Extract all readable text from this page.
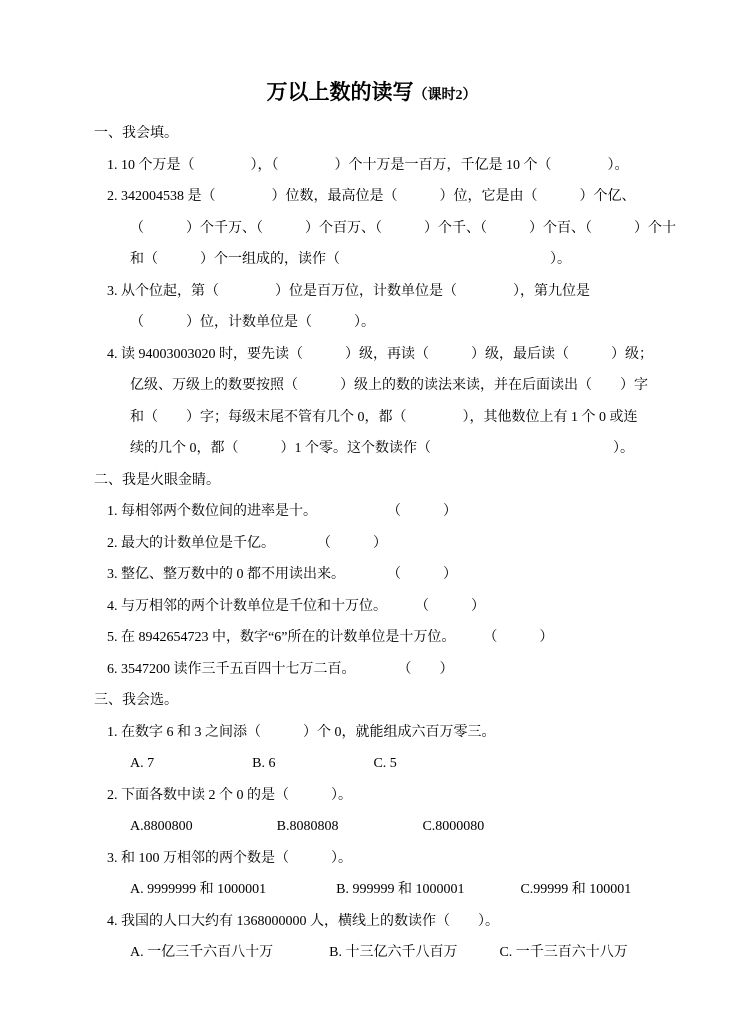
万以上数的读写（课时2）
一、我会填。
1. 10 个万是（　　　　），（　　　　）个十万是一百万，千亿是 10 个（　　　　）。
2. 342004538 是（　　　　）位数，最高位是（　　　）位，它是由（　　　）个亿、
（　　　）个千万、（　　　）个百万、（　　　）个千、（　　　）个百、（　　　）个十
和（　　　）个一组成的，读作（　　　　　　　　　　　　　　　）。
3. 从个位起，第（　　　　）位是百万位，计数单位是（　　　　），第九位是
（　　　）位，计数单位是（　　　）。
4. 读 94003003020 时，要先读（　　　）级，再读（　　　）级，最后读（　　　）级；
亿级、万级上的数要按照（　　　）级上的数的读法来读，并在后面读出（　　）字
和（　　）字；每级末尾不管有几个 0，都（　　　　），其他数位上有 1 个 0 或连
续的几个 0，都（　　　）1 个零。这个数读作（　　　　　　　　　　　　　）。
二、我是火眼金睛。
1. 每相邻两个数位间的进率是十。　　　　　　（　　　）
2. 最大的计数单位是千亿。　　　　（　　　）
3. 整亿、整万数中的 0 都不用读出来。　　　　（　　　）
4. 与万相邻的两个计数单位是千位和十万位。　　　（　　　）
5. 在 8942654723 中，数字“6”所在的计数单位是十万位。　　　（　　　）
6. 3547200 读作三千五百四十七万二百。　　　　（　　）
三、我会选。
1. 在数字 6 和 3 之间添（　　　）个 0，就能组成六百万零三。
A. 7　　　　　　　B. 6　　　　　　　C. 5
2. 下面各数中读 2 个 0 的是（　　　）。
A.8800800　　　　　　B.8080808　　　　　　C.8000080
3. 和 100 万相邻的两个数是（　　　）。
A. 9999999 和 1000001　　　　　B. 999999 和 1000001　　　　C.99999 和 100001
4. 我国的人口大约有 1368000000 人，横线上的数读作（　　）。
A. 一亿三千六百八十万　　　　B. 十三亿六千八百万　　　C. 一千三百六十八万
